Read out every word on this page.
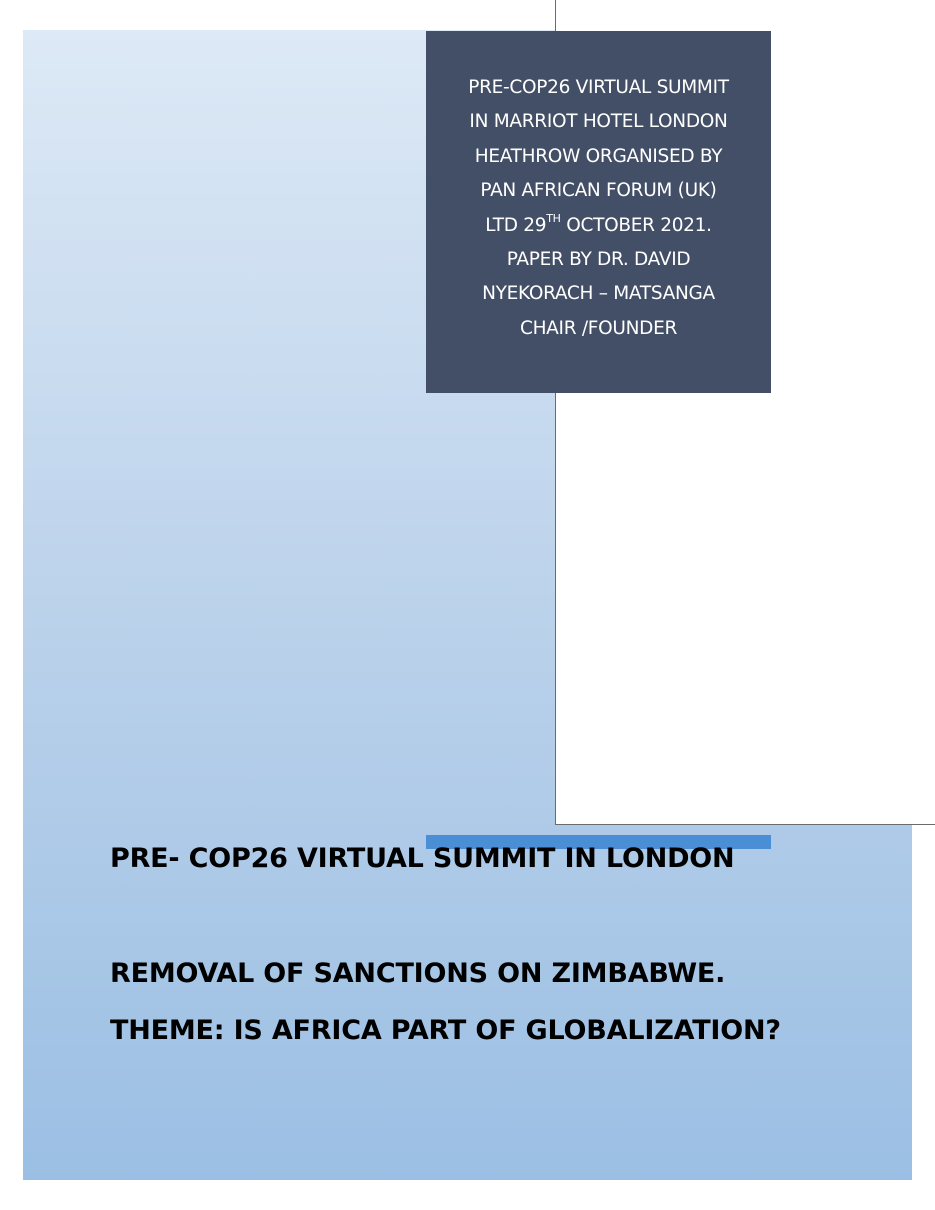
PRE-COP26 VIRTUAL SUMMIT
IN MARRIOT HOTEL LONDON
HEATHROW ORGANISED BY
PAN AFRICAN FORUM (UK)
LTD 29TH OCTOBER 2021.
PAPER BY DR. DAVID
NYEKORACH – MATSANGA
CHAIR /FOUNDER
PRE- COP26 VIRTUAL SUMMIT IN LONDON
REMOVAL OF SANCTIONS ON ZIMBABWE.
THEME: IS AFRICA PART OF GLOBALIZATION?
